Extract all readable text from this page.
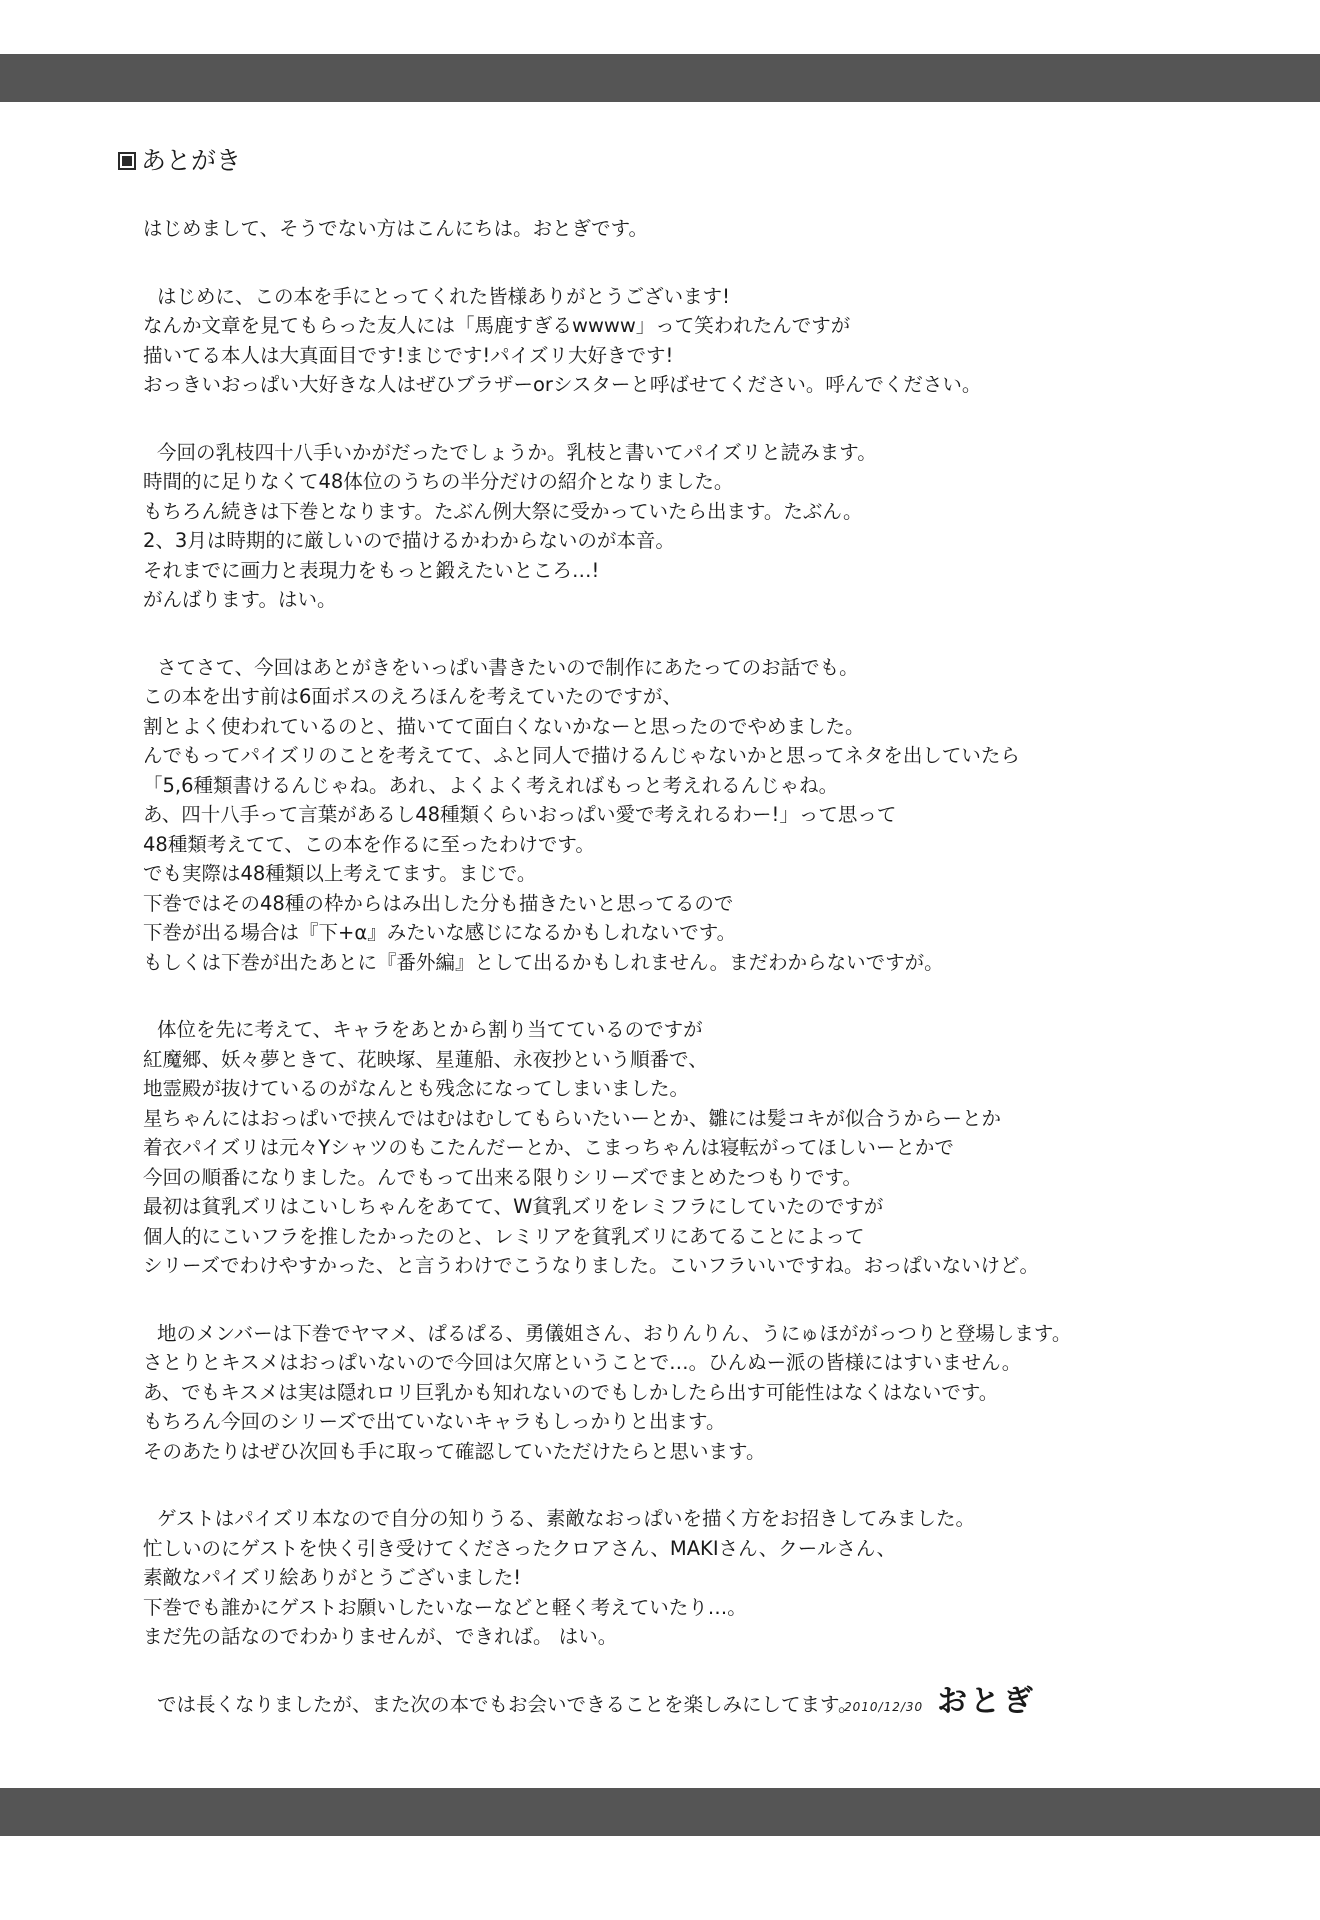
あとがき
はじめまして、そうでない方はこんにちは。おとぎです。
はじめに、この本を手にとってくれた皆様ありがとうございます!
なんか文章を見てもらった友人には「馬鹿すぎるwwww」って笑われたんですが
描いてる本人は大真面目です!まじです!パイズリ大好きです!
おっきいおっぱい大好きな人はぜひブラザーorシスターと呼ばせてください。呼んでください。
今回の乳枝四十八手いかがだったでしょうか。乳枝と書いてパイズリと読みます。
時間的に足りなくて48体位のうちの半分だけの紹介となりました。
もちろん続きは下巻となります。たぶん例大祭に受かっていたら出ます。たぶん。
2、3月は時期的に厳しいので描けるかわからないのが本音。
それまでに画力と表現力をもっと鍛えたいところ…!
がんばります。はい。
さてさて、今回はあとがきをいっぱい書きたいので制作にあたってのお話でも。
この本を出す前は6面ボスのえろほんを考えていたのですが、
割とよく使われているのと、描いてて面白くないかなーと思ったのでやめました。
んでもってパイズリのことを考えてて、ふと同人で描けるんじゃないかと思ってネタを出していたら
「5,6種類書けるんじゃね。あれ、よくよく考えればもっと考えれるんじゃね。
あ、四十八手って言葉があるし48種類くらいおっぱい愛で考えれるわー!」って思って
48種類考えてて、この本を作るに至ったわけです。
でも実際は48種類以上考えてます。まじで。
下巻ではその48種の枠からはみ出した分も描きたいと思ってるので
下巻が出る場合は『下+α』みたいな感じになるかもしれないです。
もしくは下巻が出たあとに『番外編』として出るかもしれません。まだわからないですが。
体位を先に考えて、キャラをあとから割り当てているのですが
紅魔郷、妖々夢ときて、花映塚、星蓮船、永夜抄という順番で、
地霊殿が抜けているのがなんとも残念になってしまいました。
星ちゃんにはおっぱいで挟んではむはむしてもらいたいーとか、雛には髪コキが似合うからーとか
着衣パイズリは元々Yシャツのもこたんだーとか、こまっちゃんは寝転がってほしいーとかで
今回の順番になりました。んでもって出来る限りシリーズでまとめたつもりです。
最初は貧乳ズリはこいしちゃんをあてて、W貧乳ズリをレミフラにしていたのですが
個人的にこいフラを推したかったのと、レミリアを貧乳ズリにあてることによって
シリーズでわけやすかった、と言うわけでこうなりました。こいフラいいですね。おっぱいないけど。
地のメンバーは下巻でヤマメ、ぱるぱる、勇儀姐さん、おりんりん、うにゅほががっつりと登場します。
さとりとキスメはおっぱいないので今回は欠席ということで…。ひんぬー派の皆様にはすいません。
あ、でもキスメは実は隠れロリ巨乳かも知れないのでもしかしたら出す可能性はなくはないです。
もちろん今回のシリーズで出ていないキャラもしっかりと出ます。
そのあたりはぜひ次回も手に取って確認していただけたらと思います。
ゲストはパイズリ本なので自分の知りうる、素敵なおっぱいを描く方をお招きしてみました。
忙しいのにゲストを快く引き受けてくださったクロアさん、MAKIさん、クールさん、
素敵なパイズリ絵ありがとうございました!
下巻でも誰かにゲストお願いしたいなーなどと軽く考えていたり…。
まだ先の話なのでわかりませんが、できれば。 はい。
では長くなりましたが、また次の本でもお会いできることを楽しみにしてます。
2010/12/30 おとぎ
